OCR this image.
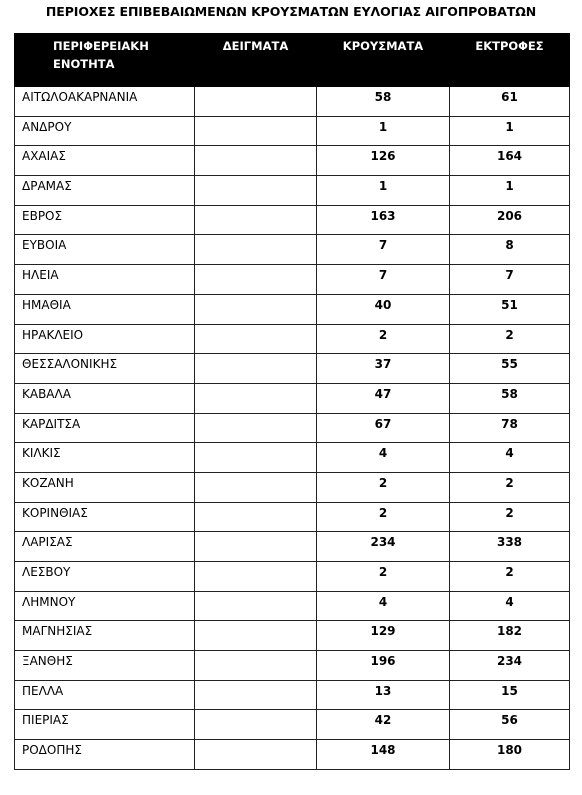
ΠΕΡΙΟΧΕΣ ΕΠΙΒΕΒΑΙΩΜΕΝΩΝ ΚΡΟΥΣΜΑΤΩΝ ΕΥΛΟΓΙΑΣ ΑΙΓΟΠΡΟΒΑΤΩΝ
ΠΕΡΙΦΕΡΕΙΑΚΗ
ΕΝΟΤΗΤΑ	ΔΕΙΓΜΑΤΑ	ΚΡΟΥΣΜΑΤΑ	ΕΚΤΡΟΦΕΣ
ΑΙΤΩΛΟΑΚΑΡΝΑΝΙΑ		58	61
ΑΝΔΡΟΥ		1	1
ΑΧΑΙΑΣ		126	164
ΔΡΑΜΑΣ		1	1
ΕΒΡΟΣ		163	206
ΕΥΒΟΙΑ		7	8
ΗΛΕΙΑ		7	7
ΗΜΑΘΙΑ		40	51
ΗΡΑΚΛΕΙΟ		2	2
ΘΕΣΣΑΛΟΝΙΚΗΣ		37	55
ΚΑΒΑΛΑ		47	58
ΚΑΡΔΙΤΣΑ		67	78
ΚΙΛΚΙΣ		4	4
ΚΟΖΑΝΗ		2	2
ΚΟΡΙΝΘΙΑΣ		2	2
ΛΑΡΙΣΑΣ		234	338
ΛΕΣΒΟΥ		2	2
ΛΗΜΝΟΥ		4	4
ΜΑΓΝΗΣΙΑΣ		129	182
ΞΑΝΘΗΣ		196	234
ΠΕΛΛΑ		13	15
ΠΙΕΡΙΑΣ		42	56
ΡΟΔΟΠΗΣ		148	180
